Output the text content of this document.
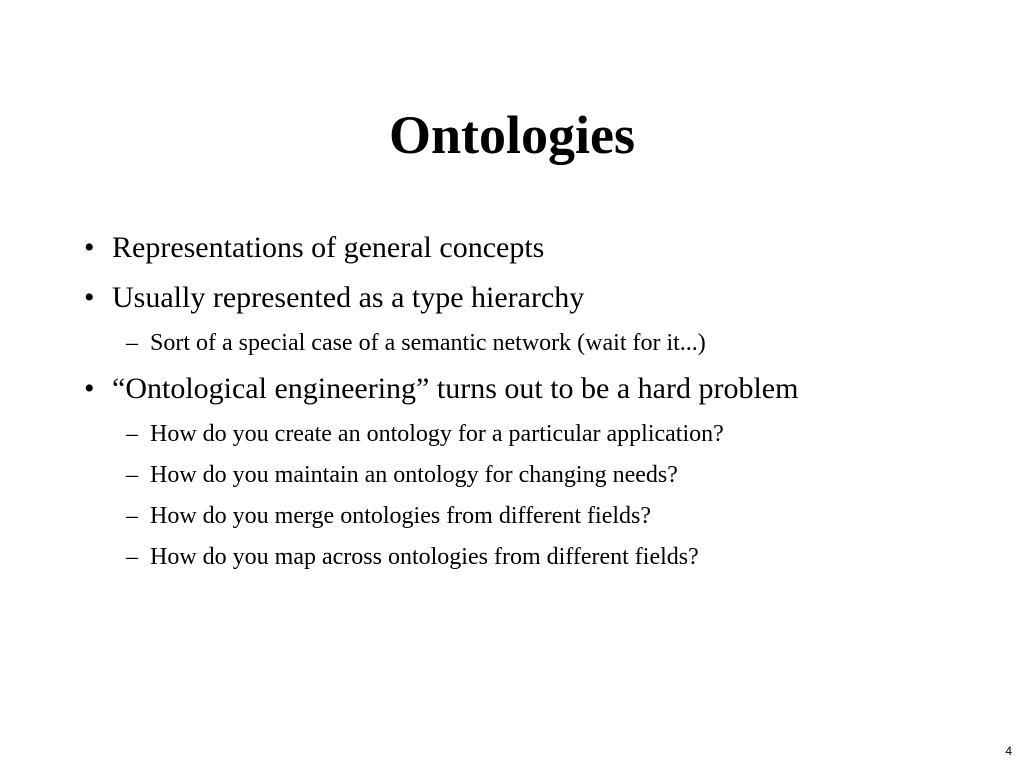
Ontologies
• Representations of general concepts
• Usually represented as a type hierarchy
– Sort of a special case of a semantic network (wait for it...)
• “Ontological engineering” turns out to be a hard problem
– How do you create an ontology for a particular application?
– How do you maintain an ontology for changing needs?
– How do you merge ontologies from different fields?
– How do you map across ontologies from different fields?
4
